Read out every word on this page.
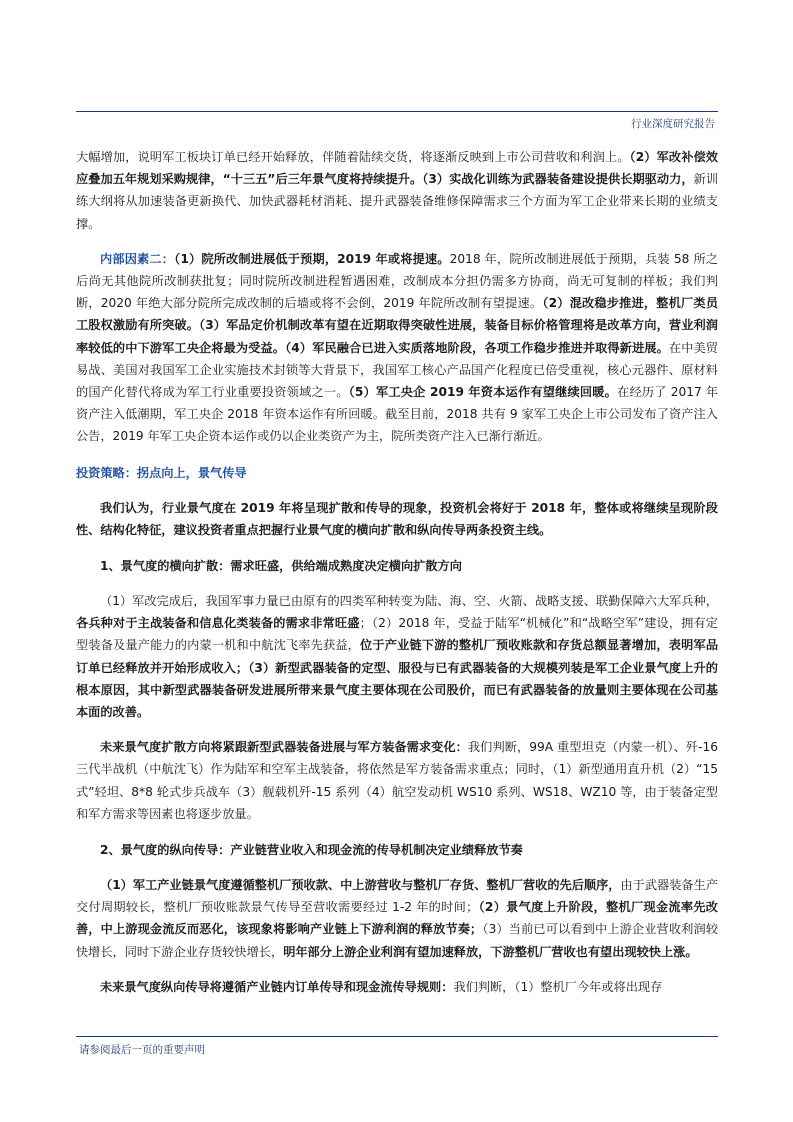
行业深度研究报告

大幅增加，说明军工板块订单已经开始释放，伴随着陆续交货，将逐渐反映到上市公司营收和利润上。（2）军改补偿效应叠加五年规划采购规律，“十三五”后三年景气度将持续提升。（3）实战化训练为武器装备建设提供长期驱动力，新训练大纲将从加速装备更新换代、加快武器耗材消耗、提升武器装备维修保障需求三个方面为军工企业带来长期的业绩支撑。

内部因素二：（1）院所改制进展低于预期，2019 年或将提速。2018 年，院所改制进展低于预期，兵装 58 所之后尚无其他院所改制获批复；同时院所改制进程暂遇困难，改制成本分担仍需多方协商，尚无可复制的样板；我们判断，2020 年绝大部分院所完成改制的后墙或将不会倒，2019 年院所改制有望提速。（2）混改稳步推进，整机厂类员工股权激励有所突破。（3）军品定价机制改革有望在近期取得突破性进展，装备目标价格管理将是改革方向，营业利润率较低的中下游军工央企将最为受益。（4）军民融合已进入实质落地阶段，各项工作稳步推进并取得新进展。在中美贸易战、美国对我国军工企业实施技术封锁等大背景下，我国军工核心产品国产化程度已倍受重视，核心元器件、原材料的国产化替代将成为军工行业重要投资领域之一。（5）军工央企 2019 年资本运作有望继续回暖。在经历了 2017 年资产注入低潮期，军工央企 2018 年资本运作有所回暖。截至目前，2018 共有 9 家军工央企上市公司发布了资产注入公告，2019 年军工央企资本运作或仍以企业类资产为主，院所类资产注入已渐行渐近。

投资策略：拐点向上，景气传导

我们认为，行业景气度在 2019 年将呈现扩散和传导的现象，投资机会将好于 2018 年，整体或将继续呈现阶段性、结构化特征，建议投资者重点把握行业景气度的横向扩散和纵向传导两条投资主线。

1、景气度的横向扩散：需求旺盛，供给端成熟度决定横向扩散方向

（1）军改完成后，我国军事力量已由原有的四类军种转变为陆、海、空、火箭、战略支援、联勤保障六大军兵种，各兵种对于主战装备和信息化类装备的需求非常旺盛；（2）2018 年，受益于陆军“机械化”和“战略空军”建设，拥有定型装备及量产能力的内蒙一机和中航沈飞率先获益，位于产业链下游的整机厂预收账款和存货总额显著增加，表明军品订单已经释放并开始形成收入；（3）新型武器装备的定型、服役与已有武器装备的大规模列装是军工企业景气度上升的根本原因，其中新型武器装备研发进展所带来景气度主要体现在公司股价，而已有武器装备的放量则主要体现在公司基本面的改善。

未来景气度扩散方向将紧跟新型武器装备进展与军方装备需求变化：我们判断，99A 重型坦克（内蒙一机）、歼-16 三代半战机（中航沈飞）作为陆军和空军主战装备，将依然是军方装备需求重点；同时，（1）新型通用直升机（2）“15 式”轻坦、8*8 轮式步兵战车（3）舰载机歼-15 系列（4）航空发动机 WS10 系列、WS18、WZ10 等，由于装备定型和军方需求等因素也将逐步放量。

2、景气度的纵向传导：产业链营业收入和现金流的传导机制决定业绩释放节奏

（1）军工产业链景气度遵循整机厂预收款、中上游营收与整机厂存货、整机厂营收的先后顺序，由于武器装备生产交付周期较长，整机厂预收账款景气传导至营收需要经过 1-2 年的时间；（2）景气度上升阶段，整机厂现金流率先改善，中上游现金流反而恶化，该现象将影响产业链上下游利润的释放节奏；（3）当前已可以看到中上游企业营收利润较快增长，同时下游企业存货较快增长，明年部分上游企业利润有望加速释放，下游整机厂营收也有望出现较快上涨。

未来景气度纵向传导将遵循产业链内订单传导和现金流传导规则：我们判断，（1）整机厂今年或将出现存

请参阅最后一页的重要声明
